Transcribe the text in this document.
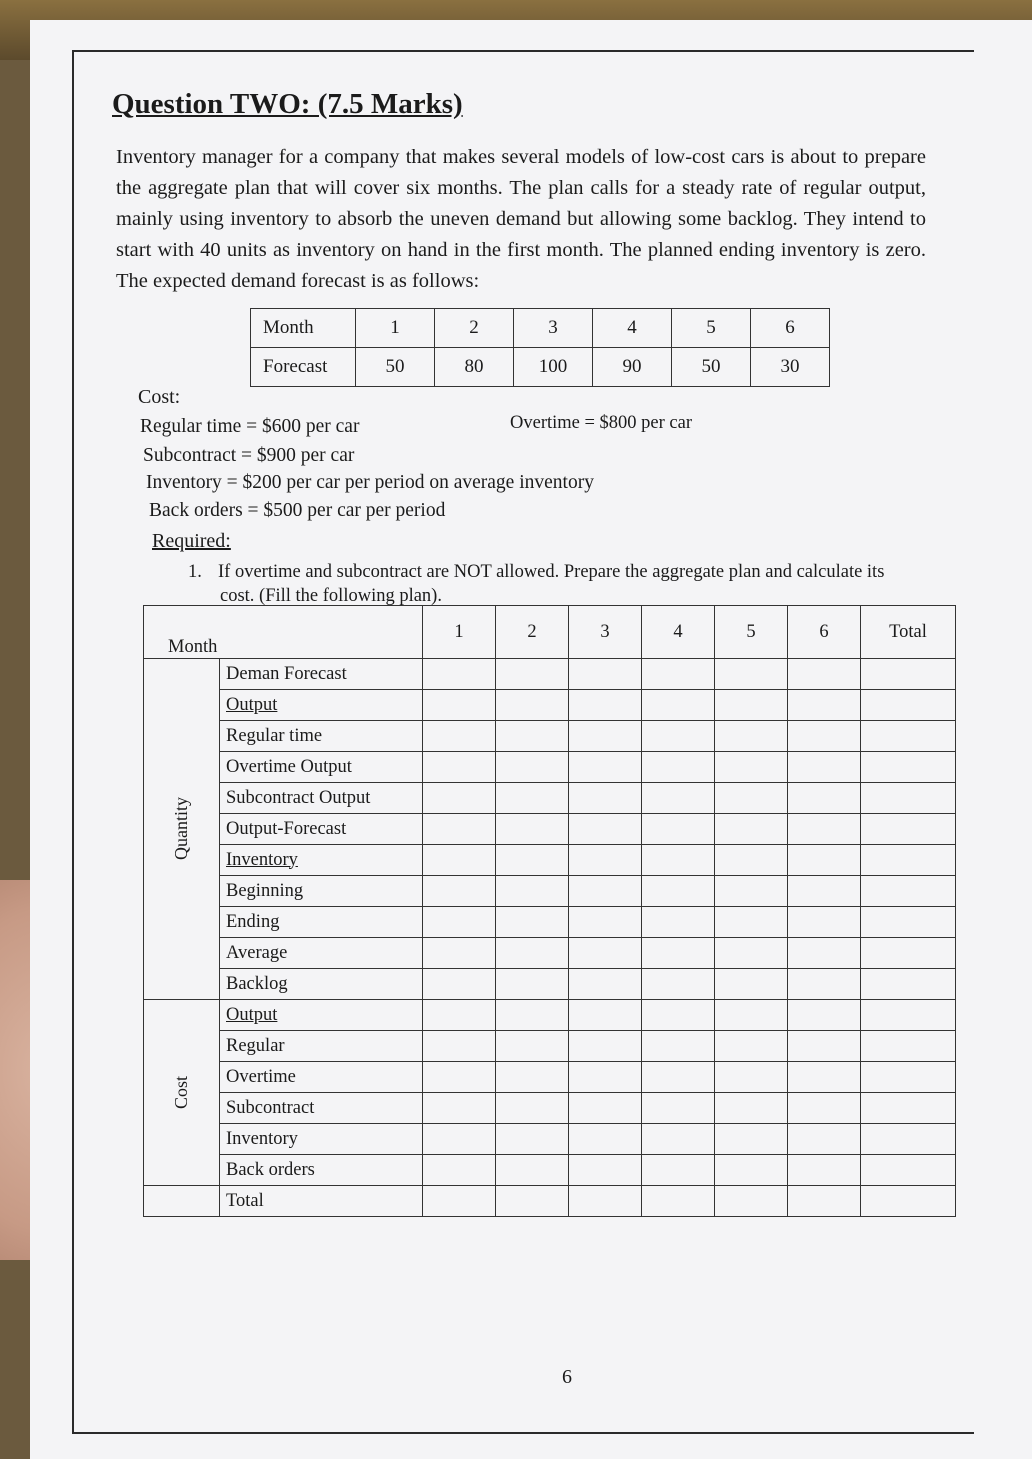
Question TWO: (7.5 Marks)

Inventory manager for a company that makes several models of low-cost cars is about to prepare the aggregate plan that will cover six months. The plan calls for a steady rate of regular output, mainly using inventory to absorb the uneven demand but allowing some backlog. They intend to start with 40 units as inventory on hand in the first month. The planned ending inventory is zero. The expected demand forecast is as follows:

Month	1	2	3	4	5	6
Forecast	50	80	100	90	50	30

Cost:

Regular time = $600 per car	Overtime = $800 per car

Subcontract = $900 per car

Inventory = $200 per car per period on average inventory

Back orders = $500 per car per period

Required:

1. If overtime and subcontract are NOT allowed. Prepare the aggregate plan and calculate its
cost. (Fill the following plan).

Month		1	2	3	4	5	6	Total
Quantity	Deman Forecast							
	Output							
	Regular time							
	Overtime Output							
	Subcontract Output							
	Output-Forecast							
	Inventory							
	Beginning							
	Ending							
	Average							
	Backlog							
Cost	Output							
	Regular							
	Overtime							
	Subcontract							
	Inventory							
	Back orders							
	Total							

6
